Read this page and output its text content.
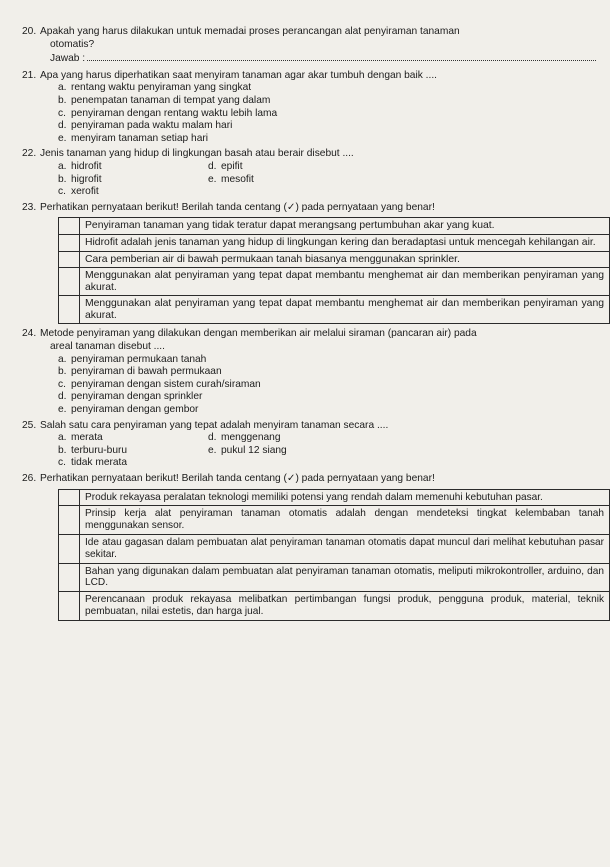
20. Apakah yang harus dilakukan untuk memadai proses perancangan alat penyiraman tanaman
otomatis?
Jawab :
21. Apa yang harus diperhatikan saat menyiram tanaman agar akar tumbuh dengan baik ....
a. rentang waktu penyiraman yang singkat
b. penempatan tanaman di tempat yang dalam
c. penyiraman dengan rentang waktu lebih lama
d. penyiraman pada waktu malam hari
e. menyiram tanaman setiap hari
22. Jenis tanaman yang hidup di lingkungan basah atau berair disebut ....
a. hidrofit	d. epifit
b. higrofit	e. mesofit
c. xerofit
23. Perhatikan pernyataan berikut! Berilah tanda centang (✓) pada pernyataan yang benar!
	Penyiraman tanaman yang tidak teratur dapat merangsang pertumbuhan akar yang kuat.
	Hidrofit adalah jenis tanaman yang hidup di lingkungan kering dan beradaptasi untuk mencegah kehilangan air.
	Cara pemberian air di bawah permukaan tanah biasanya menggunakan sprinkler.
	Menggunakan alat penyiraman yang tepat dapat membantu menghemat air dan memberikan penyiraman yang akurat.
	Menggunakan alat penyiraman yang tepat dapat membantu menghemat air dan memberikan penyiraman yang akurat.
24. Metode penyiraman yang dilakukan dengan memberikan air melalui siraman (pancaran air) pada
areal tanaman disebut ....
a. penyiraman permukaan tanah
b. penyiraman di bawah permukaan
c. penyiraman dengan sistem curah/siraman
d. penyiraman dengan sprinkler
e. penyiraman dengan gembor
25. Salah satu cara penyiraman yang tepat adalah menyiram tanaman secara ....
a. merata	d. menggenang
b. terburu-buru	e. pukul 12 siang
c. tidak merata
26. Perhatikan pernyataan berikut! Berilah tanda centang (✓) pada pernyataan yang benar!
	Produk rekayasa peralatan teknologi memiliki potensi yang rendah dalam memenuhi kebutuhan pasar.
	Prinsip kerja alat penyiraman tanaman otomatis adalah dengan mendeteksi tingkat kelembaban tanah menggunakan sensor.
	Ide atau gagasan dalam pembuatan alat penyiraman tanaman otomatis dapat muncul dari melihat kebutuhan pasar sekitar.
	Bahan yang digunakan dalam pembuatan alat penyiraman tanaman otomatis, meliputi mikrokontroller, arduino, dan LCD.
	Perencanaan produk rekayasa melibatkan pertimbangan fungsi produk, pengguna produk, material, teknik pembuatan, nilai estetis, dan harga jual.
